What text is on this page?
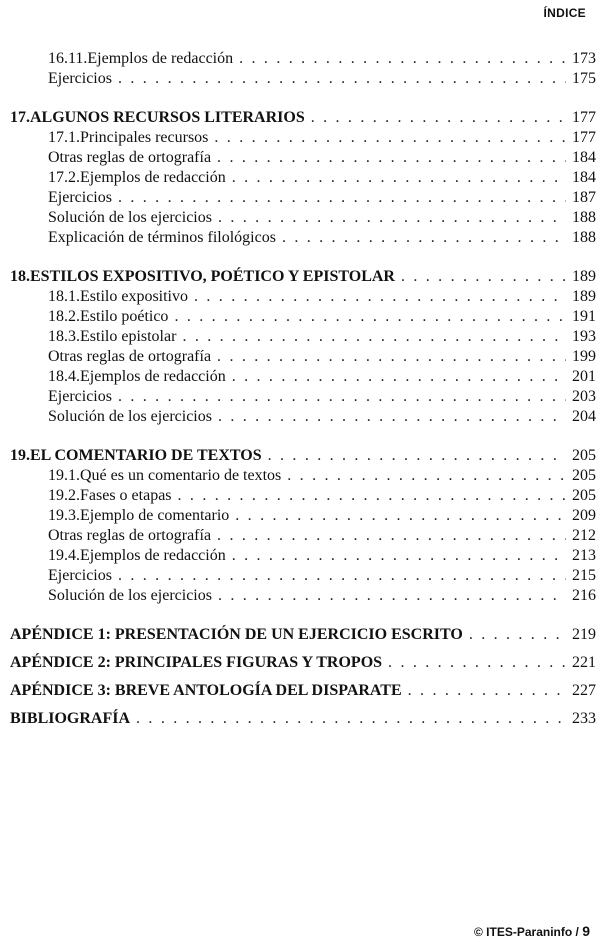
ÍNDICE
16.11. Ejemplos de redacción . . .	173
Ejercicios . . .	175
17. ALGUNOS RECURSOS LITERARIOS . . .	177
17.1. Principales recursos . . .	177
Otras reglas de ortografía . . .	184
17.2. Ejemplos de redacción . . .	184
Ejercicios . . .	187
Solución de los ejercicios . . .	188
Explicación de términos filológicos . . .	188
18. ESTILOS EXPOSITIVO, POÉTICO Y EPISTOLAR . . .	189
18.1. Estilo expositivo . . .	189
18.2. Estilo poético . . .	191
18.3. Estilo epistolar . . .	193
Otras reglas de ortografía . . .	199
18.4. Ejemplos de redacción . . .	201
Ejercicios . . .	203
Solución de los ejercicios . . .	204
19. EL COMENTARIO DE TEXTOS . . .	205
19.1. Qué es un comentario de textos . . .	205
19.2. Fases o etapas . . .	205
19.3. Ejemplo de comentario . . .	209
Otras reglas de ortografía . . .	212
19.4. Ejemplos de redacción . . .	213
Ejercicios . . .	215
Solución de los ejercicios . . .	216
APÉNDICE 1: PRESENTACIÓN DE UN EJERCICIO ESCRITO . . .	219
APÉNDICE 2: PRINCIPALES FIGURAS Y TROPOS . . .	221
APÉNDICE 3: BREVE ANTOLOGÍA DEL DISPARATE . . .	227
BIBLIOGRAFÍA . . .	233
© ITES-Paraninfo / 9
